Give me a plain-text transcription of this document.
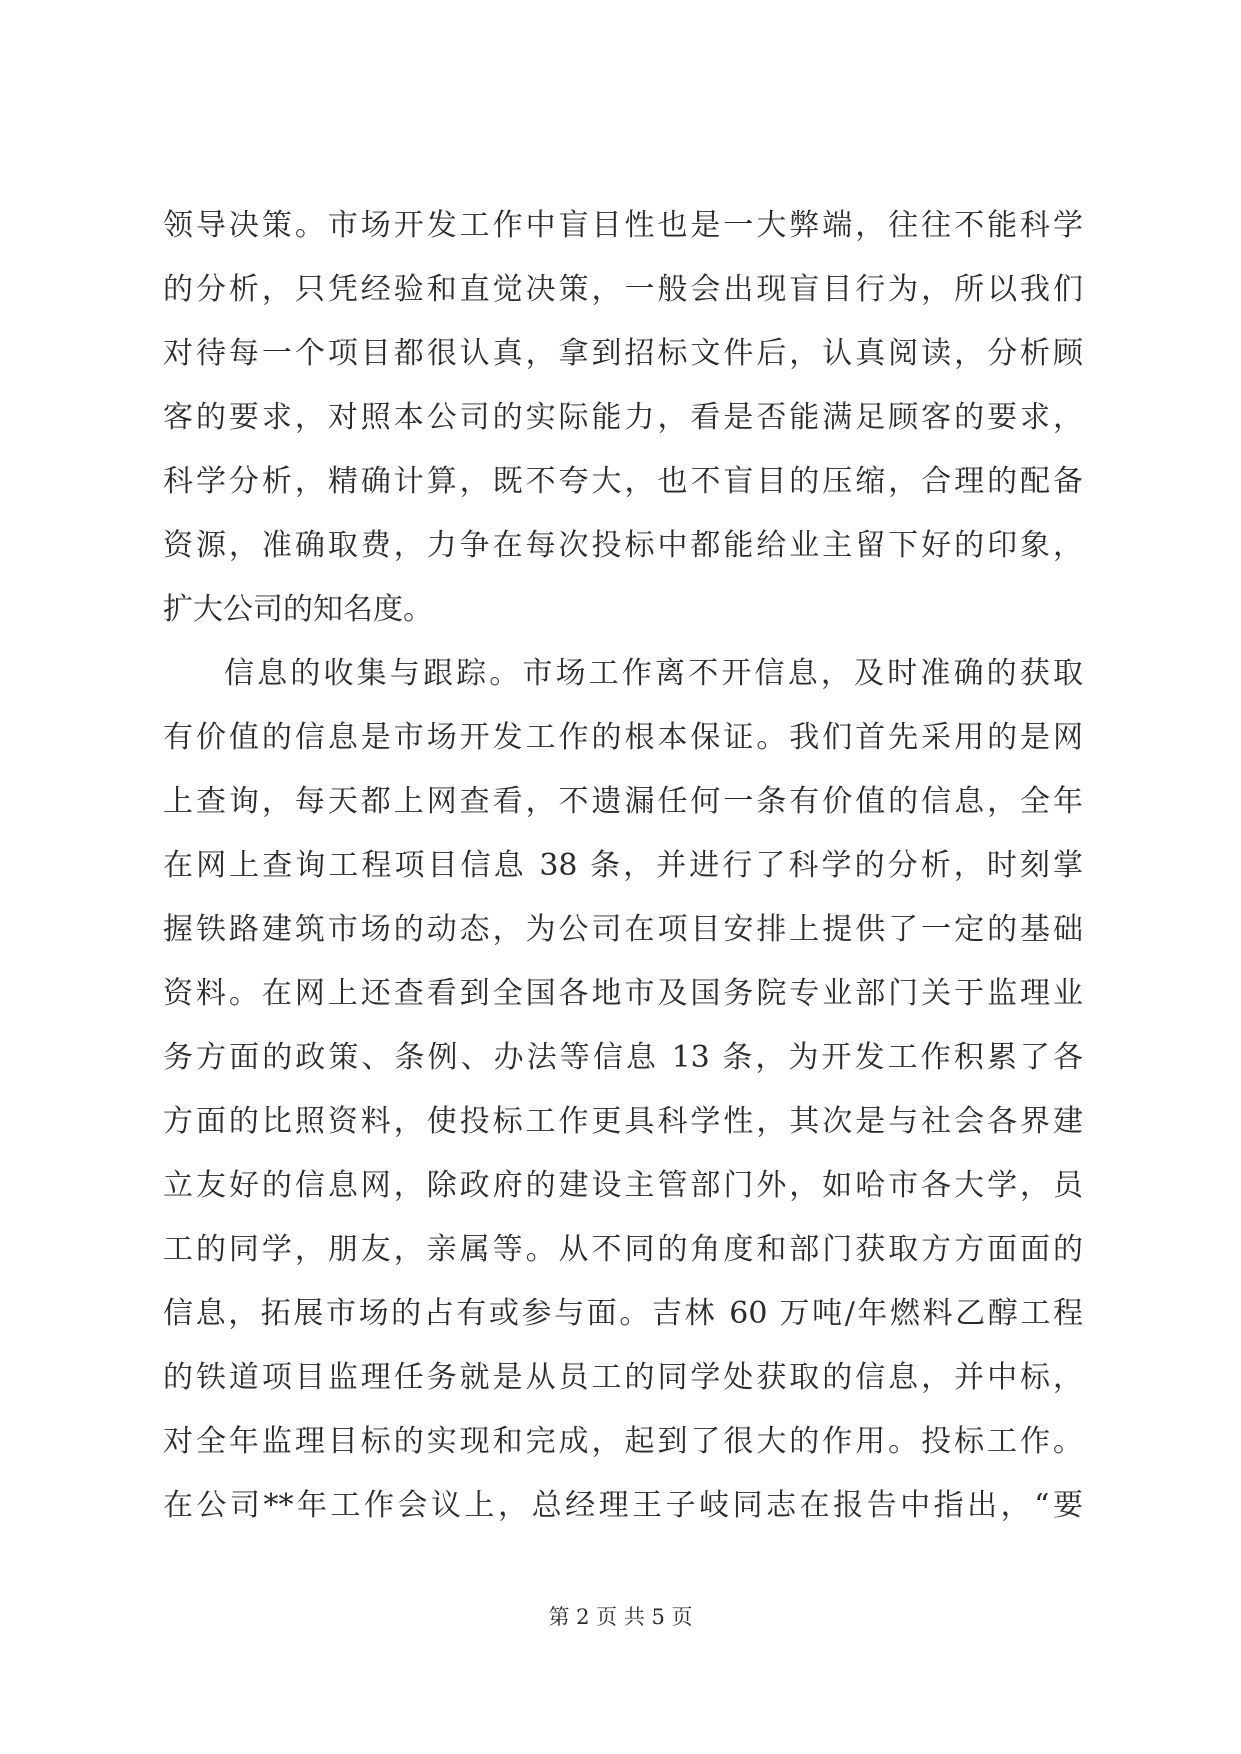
领导决策。市场开发工作中盲目性也是一大弊端，往往不能科学
的分析，只凭经验和直觉决策，一般会出现盲目行为，所以我们
对待每一个项目都很认真，拿到招标文件后，认真阅读，分析顾
客的要求，对照本公司的实际能力，看是否能满足顾客的要求，
科学分析，精确计算，既不夸大，也不盲目的压缩，合理的配备
资源，准确取费，力争在每次投标中都能给业主留下好的印象，
扩大公司的知名度。
信息的收集与跟踪。市场工作离不开信息，及时准确的获取
有价值的信息是市场开发工作的根本保证。我们首先采用的是网
上查询，每天都上网查看，不遗漏任何一条有价值的信息，全年
在网上查询工程项目信息 38 条，并进行了科学的分析，时刻掌
握铁路建筑市场的动态，为公司在项目安排上提供了一定的基础
资料。在网上还查看到全国各地市及国务院专业部门关于监理业
务方面的政策、条例、办法等信息 13 条，为开发工作积累了各
方面的比照资料，使投标工作更具科学性，其次是与社会各界建
立友好的信息网，除政府的建设主管部门外，如哈市各大学，员
工的同学，朋友，亲属等。从不同的角度和部门获取方方面面的
信息，拓展市场的占有或参与面。吉林 60 万吨/年燃料乙醇工程
的铁道项目监理任务就是从员工的同学处获取的信息，并中标，
对全年监理目标的实现和完成，起到了很大的作用。投标工作。
在公司**年工作会议上，总经理王子岐同志在报告中指出，“要
第 2 页 共 5 页
